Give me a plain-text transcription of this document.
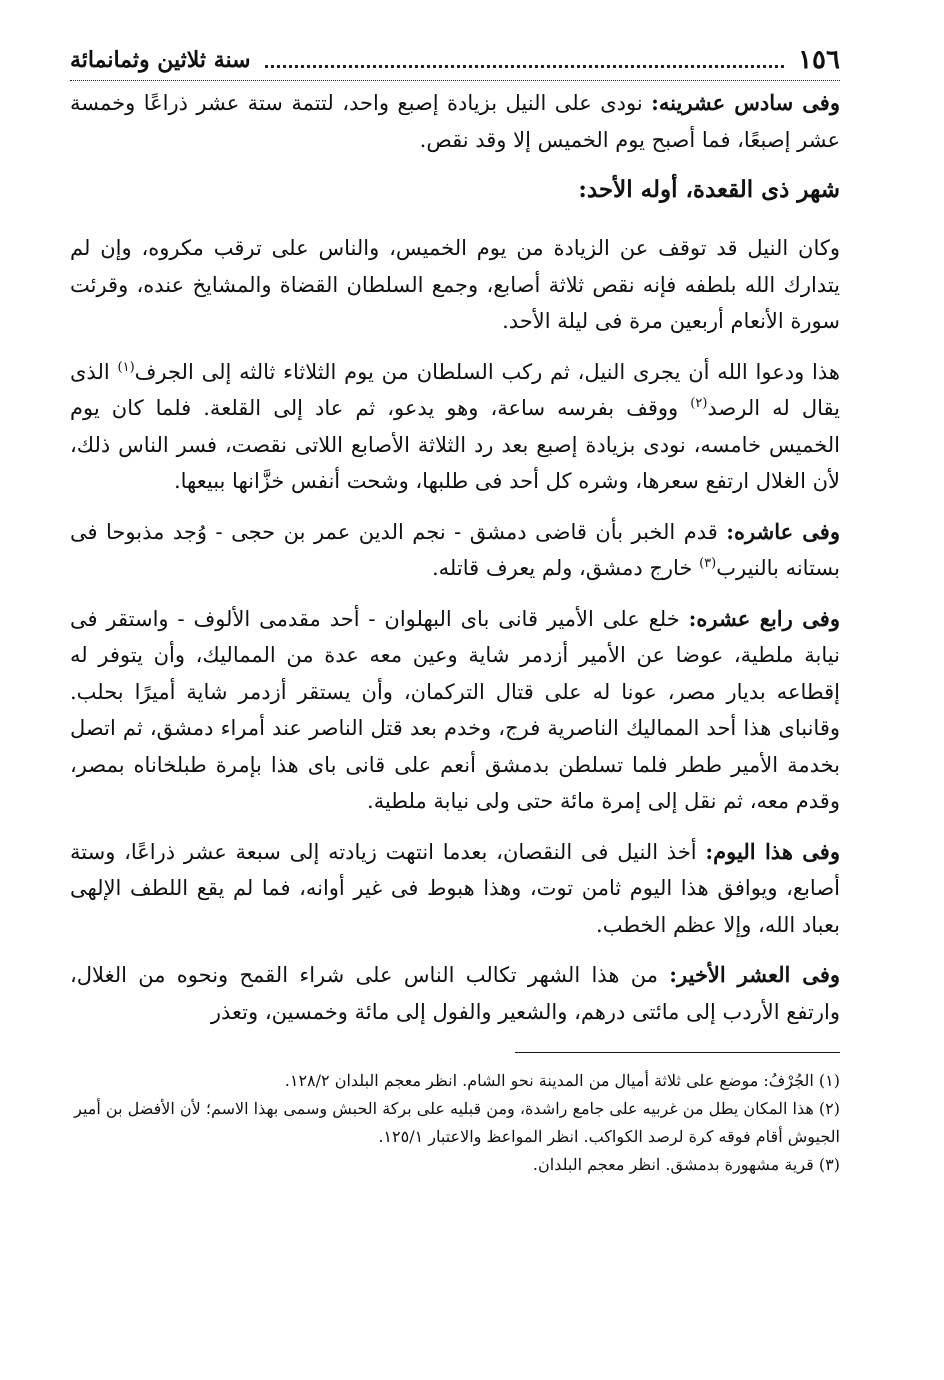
١٥٦
سنة ثلاثين وثمانمائة

وفى سادس عشرينه: نودى على النيل بزيادة إصبع واحد، لتتمة ستة عشر ذراعًا وخمسة عشر إصبعًا، فما أصبح يوم الخميس إلا وقد نقص.

شهر ذى القعدة، أوله الأحد:

وكان النيل قد توقف عن الزيادة من يوم الخميس، والناس على ترقب مكروه، وإن لم يتدارك الله بلطفه فإنه نقص ثلاثة أصابع، وجمع السلطان القضاة والمشايخ عنده، وقرئت سورة الأنعام أربعين مرة فى ليلة الأحد.

هذا ودعوا الله أن يجرى النيل، ثم ركب السلطان من يوم الثلاثاء ثالثه إلى الجرف$^{(١)}$ الذى يقال له الرصد$^{(٢)}$ ووقف بفرسه ساعة، وهو يدعو، ثم عاد إلى القلعة. فلما كان يوم الخميس خامسه، نودى بزيادة إصبع بعد رد الثلاثة الأصابع اللاتى نقصت، فسر الناس ذلك، لأن الغلال ارتفع سعرها، وشره كل أحد فى طلبها، وشحت أنفس خزَّانها ببيعها.

وفى عاشره: قدم الخبر بأن قاضى دمشق - نجم الدين عمر بن حجى - وُجد مذبوحا فى بستانه بالنيرب$^{(٣)}$ خارج دمشق، ولم يعرف قاتله.

وفى رابع عشره: خلع على الأمير قانى باى البهلوان - أحد مقدمى الألوف - واستقر فى نيابة ملطية، عوضا عن الأمير أزدمر شاية وعين معه عدة من المماليك، وأن يتوفر له إقطاعه بديار مصر، عونا له على قتال التركمان، وأن يستقر أزدمر شاية أميرًا بحلب. وقانباى هذا أحد المماليك الناصرية فرج، وخدم بعد قتل الناصر عند أمراء دمشق، ثم اتصل بخدمة الأمير ططر فلما تسلطن بدمشق أنعم على قانى باى هذا بإمرة طبلخاناه بمصر، وقدم معه، ثم نقل إلى إمرة مائة حتى ولى نيابة ملطية.

وفى هذا اليوم: أخذ النيل فى النقصان، بعدما انتهت زيادته إلى سبعة عشر ذراعًا، وستة أصابع، ويوافق هذا اليوم ثامن توت، وهذا هبوط فى غير أوانه، فما لم يقع اللطف الإلهى بعباد الله، وإلا عظم الخطب.

وفى العشر الأخير: من هذا الشهر تكالب الناس على شراء القمح ونحوه من الغلال، وارتفع الأردب إلى مائتى درهم، والشعير والفول إلى مائة وخمسين، وتعذر

(١) الجُرْفُ: موضع على ثلاثة أميال من المدينة نحو الشام. انظر معجم البلدان ١٢٨/٢.

(٢) هذا المكان يطل من غربيه على جامع راشدة، ومن قبليه على بركة الحبش وسمى بهذا الاسم؛ لأن الأفضل بن أمير الجيوش أقام فوقه كرة لرصد الكواكب. انظر المواعظ والاعتبار ١٢٥/١.

(٣) قرية مشهورة بدمشق. انظر معجم البلدان.
